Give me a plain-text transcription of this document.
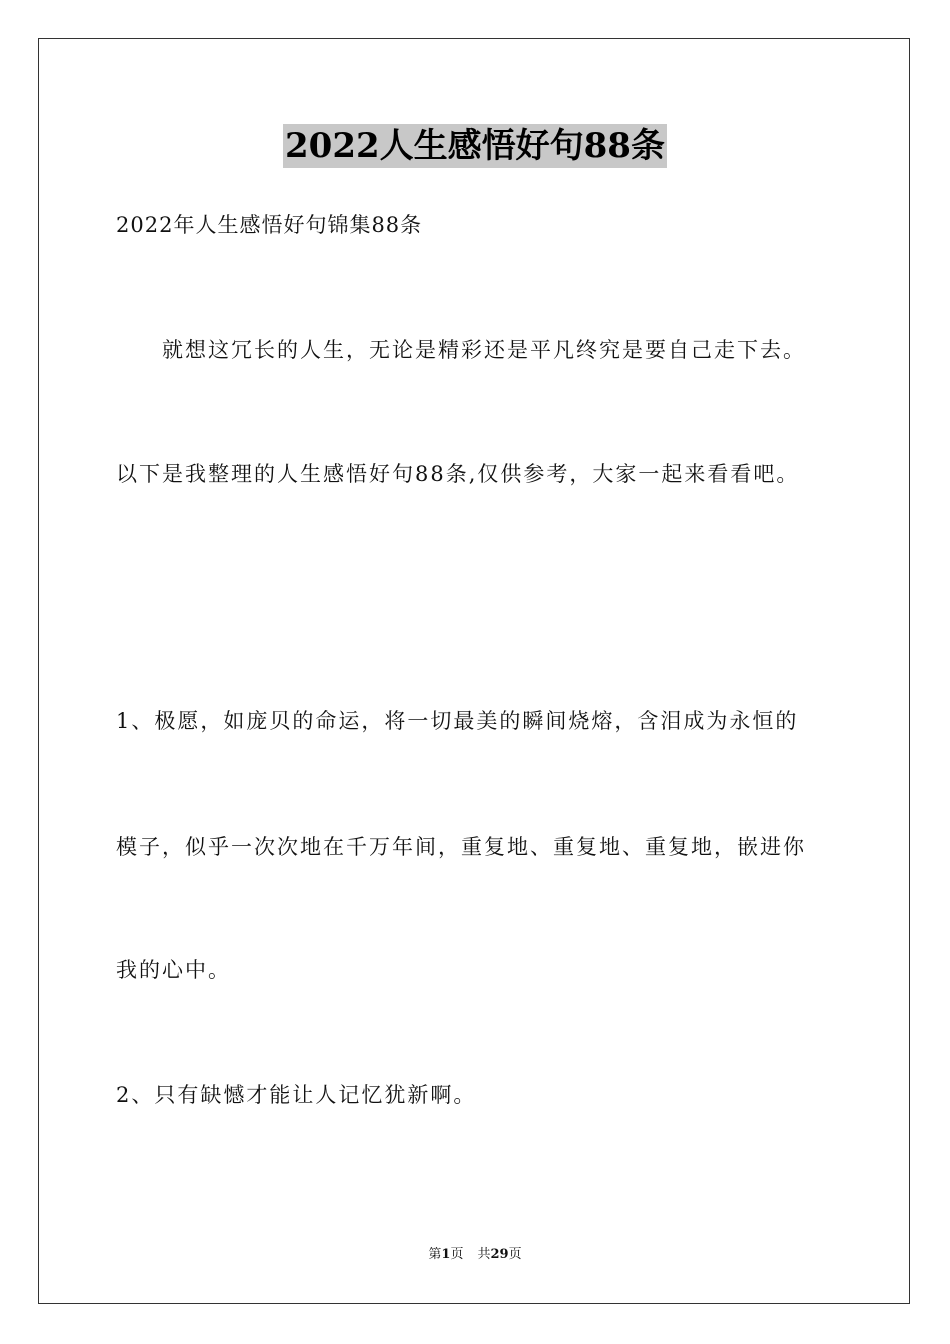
2022人生感悟好句88条
2022年人生感悟好句锦集88条
就想这冗长的人生，无论是精彩还是平凡终究是要自己走下去。
以下是我整理的人生感悟好句88条,仅供参考，大家一起来看看吧。
1、极愿，如庞贝的命运，将一切最美的瞬间烧熔，含泪成为永恒的
模子，似乎一次次地在千万年间，重复地、重复地、重复地，嵌进你
我的心中。
2、只有缺憾才能让人记忆犹新啊。
第1页 共29页
